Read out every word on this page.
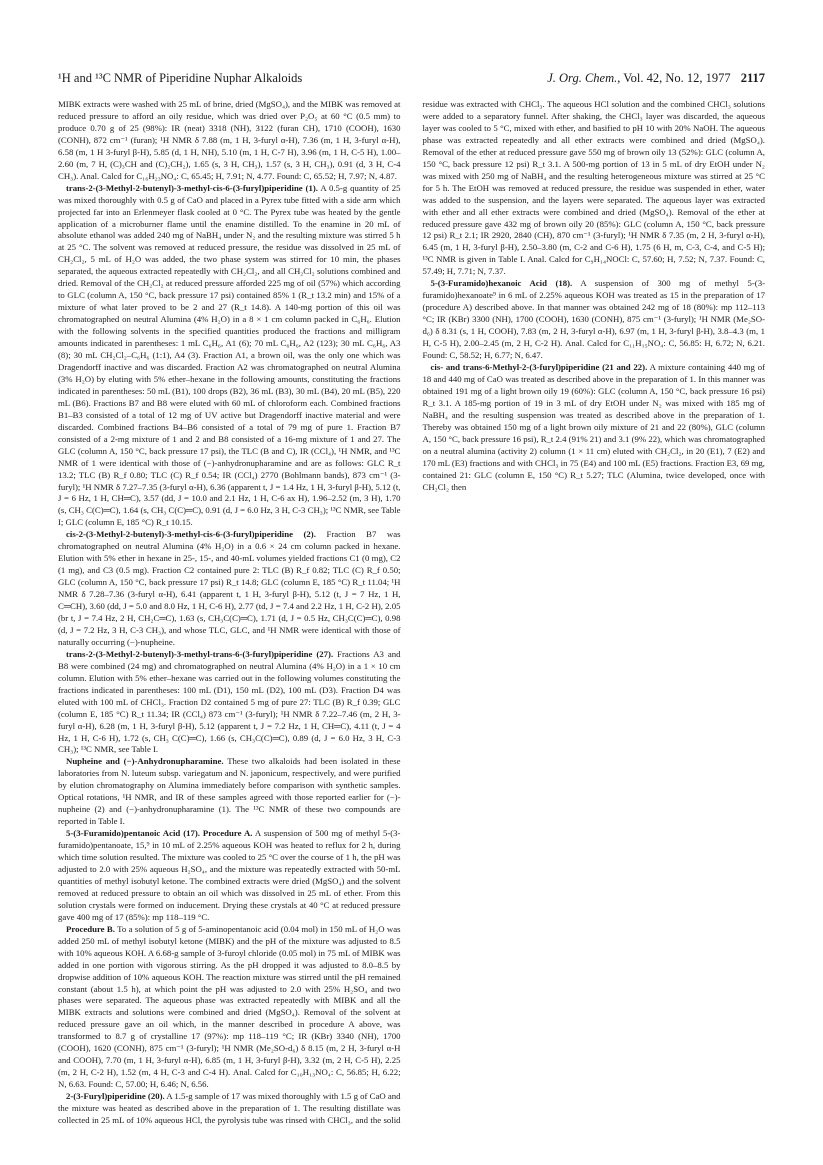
¹H and ¹³C NMR of Piperidine Nuphar Alkaloids	J. Org. Chem., Vol. 42, No. 12, 1977 2117

MIBK extracts were washed with 25 mL of brine, dried (MgSO₄), and the MIBK was removed at reduced pressure to afford an oily residue, which was dried over P₂O₅ at 60 °C (0.5 mm) to produce 0.70 g of 25 (98%): IR (neat) 3318 (NH), 3122 (furan CH), 1710 (COOH), 1630 (CONH), 872 cm⁻¹ (furan); ¹H NMR δ 7.88 (m, 1 H, 3-furyl α-H), 7.36 (m, 1 H, 3-furyl α-H), 6.58 (m, 1 H 3-furyl β-H), 5.85 (d, 1 H, NH), 5.10 (m, 1 H, C-7 H), 3.96 (m, 1 H, C-5 H), 1.00–2.60 (m, 7 H, (C)₃CH and (C)₂CH₂), 1.65 (s, 3 H, CH₃), 1.57 (s, 3 H, CH₃), 0.91 (d, 3 H, C-4 CH₃). Anal. Calcd for C₁₆H₂₃NO₄: C, 65.45; H, 7.91; N, 4.77. Found: C, 65.52; H, 7.97; N, 4.87.

trans-2-(3-Methyl-2-butenyl)-3-methyl-cis-6-(3-furyl)piperidine (1). A 0.5-g quantity of 25 was mixed thoroughly with 0.5 g of CaO and placed in a Pyrex tube fitted with a side arm which projected far into an Erlenmeyer flask cooled at 0 °C. The Pyrex tube was heated by the gentle application of a microburner flame until the enamine distilled. To the enamine in 20 mL of absolute ethanol was added 240 mg of NaBH₄ under N₂ and the resulting mixture was stirred 5 h at 25 °C. The solvent was removed at reduced pressure, the residue was dissolved in 25 mL of CH₂Cl₂, 5 mL of H₂O was added, the two phase system was stirred for 10 min, the phases separated, the aqueous extracted repeatedly with CH₂Cl₂, and all CH₂Cl₂ solutions combined and dried. Removal of the CH₂Cl₂ at reduced pressure afforded 225 mg of oil (57%) which according to GLC (column A, 150 °C, back pressure 17 psi) contained 85% 1 (R_t 13.2 min) and 15% of a mixture of what later proved to be 2 and 27 (R_t 14.8). A 140-mg portion of this oil was chromatographed on neutral Alumina (4% H₂O) in a 8 × 1 cm column packed in C₆H₆. Elution with the following solvents in the specified quantities produced the fractions and milligram amounts indicated in parentheses: 1 mL C₆H₆, A1 (6); 70 mL C₆H₆, A2 (123); 30 mL C₆H₆, A3 (8); 30 mL CH₂Cl₂–C₆H₆ (1:1), A4 (3). Fraction A1, a brown oil, was the only one which was Dragendorff inactive and was discarded. Fraction A2 was chromatographed on neutral Alumina (3% H₂O) by eluting with 5% ether–hexane in the following amounts, constituting the fractions indicated in parentheses: 50 mL (B1), 100 drops (B2), 36 mL (B3), 30 mL (B4), 20 mL (B5), 220 mL (B6). Fractions B7 and B8 were eluted with 60 mL of chloroform each. Combined fractions B1–B3 consisted of a total of 12 mg of UV active but Dragendorff inactive material and were discarded. Combined fractions B4–B6 consisted of a total of 79 mg of pure 1. Fraction B7 consisted of a 2-mg mixture of 1 and 2 and B8 consisted of a 16-mg mixture of 1 and 27. The GLC (column A, 150 °C, back pressure 17 psi), the TLC (B and C), IR (CCl₄), ¹H NMR, and ¹³C NMR of 1 were identical with those of (−)-anhydronupharamine and are as follows: GLC R_t 13.2; TLC (B) R_f 0.80; TLC (C) R_f 0.54; IR (CCl₄) 2770 (Bohlmann bands), 873 cm⁻¹ (3-furyl); ¹H NMR δ 7.27–7.35 (3-furyl α-H), 6.36 (apparent t, J = 1.4 Hz, 1 H, 3-furyl β-H), 5.12 (t, J = 6 Hz, 1 H, CH═C), 3.57 (dd, J = 10.0 and 2.1 Hz, 1 H, C-6 ax H), 1.96–2.52 (m, 3 H), 1.70 (s, CH₃ C(C)═C), 1.64 (s, CH₃ C(C)═C), 0.91 (d, J = 6.0 Hz, 3 H, C-3 CH₃); ¹³C NMR, see Table I; GLC (column E, 185 °C) R_t 10.15.

cis-2-(3-Methyl-2-butenyl)-3-methyl-cis-6-(3-furyl)piperidine (2). Fraction B7 was chromatographed on neutral Alumina (4% H₂O) in a 0.6 × 24 cm column packed in hexane. Elution with 5% ether in hexane in 25-, 15-, and 40-mL volumes yielded fractions C1 (0 mg), C2 (1 mg), and C3 (0.5 mg). Fraction C2 contained pure 2: TLC (B) R_f 0.82; TLC (C) R_f 0.50; GLC (column A, 150 °C, back pressure 17 psi) R_t 14.8; GLC (column E, 185 °C) R_t 11.04; ¹H NMR δ 7.28–7.36 (3-furyl α-H), 6.41 (apparent t, 1 H, 3-furyl β-H), 5.12 (t, J = 7 Hz, 1 H, C═CH), 3.60 (dd, J = 5.0 and 8.0 Hz, 1 H, C-6 H), 2.77 (td, J = 7.4 and 2.2 Hz, 1 H, C-2 H), 2.05 (br t, J = 7.4 Hz, 2 H, CH₂C═C), 1.63 (s, CH₃C(C)═C), 1.71 (d, J = 0.5 Hz, CH₃C(C)═C), 0.98 (d, J = 7.2 Hz, 3 H, C-3 CH₃), and whose TLC, GLC, and ¹H NMR were identical with those of naturally occurring (−)-nupheine.

trans-2-(3-Methyl-2-butenyl)-3-methyl-trans-6-(3-furyl)piperidine (27). Fractions A3 and B8 were combined (24 mg) and chromatographed on neutral Alumina (4% H₂O) in a 1 × 10 cm column. Elution with 5% ether–hexane was carried out in the following volumes constituting the fractions indicated in parentheses: 100 mL (D1), 150 mL (D2), 100 mL (D3). Fraction D4 was eluted with 100 mL of CHCl₃. Fraction D2 contained 5 mg of pure 27: TLC (B) R_f 0.39; GLC (column E, 185 °C) R_t 11.34; IR (CCl₄) 873 cm⁻¹ (3-furyl); ¹H NMR δ 7.22–7.46 (m, 2 H, 3-furyl α-H), 6.28 (m, 1 H, 3-furyl β-H), 5.12 (apparent t, J = 7.2 Hz, 1 H, CH═C), 4.11 (t, J = 4 Hz, 1 H, C-6 H), 1.72 (s, CH₃ C(C)═C), 1.66 (s, CH₃C(C)═C), 0.89 (d, J = 6.0 Hz, 3 H, C-3 CH₃); ¹³C NMR, see Table I.

Nupheine and (−)-Anhydronupharamine. These two alkaloids had been isolated in these laboratories from N. luteum subsp. variegatum and N. japonicum, respectively, and were purified by elution chromatography on Alumina immediately before comparison with synthetic samples. Optical rotations, ¹H NMR, and IR of these samples agreed with those reported earlier for (−)-nupheine (2) and (−)-anhydronupharamine (1). The ¹³C NMR of these two compounds are reported in Table I.

5-(3-Furamido)pentanoic Acid (17). Procedure A. A suspension of 500 mg of methyl 5-(3-furamido)pentanoate, 15,⁹ in 10 mL of 2.25% aqueous KOH was heated to reflux for 2 h, during which time solution resulted. The mixture was cooled to 25 °C over the course of 1 h, the pH was adjusted to 2.0 with 25% aqueous H₂SO₄, and the mixture was repeatedly extracted with 50-mL quantities of methyl isobutyl ketone. The combined extracts were dried (MgSO₄) and the solvent removed at reduced pressure to obtain an oil which was dissolved in 25 mL of ether. From this solution crystals were formed on inducement. Drying these crystals at 40 °C at reduced pressure gave 400 mg of 17 (85%): mp 118–119 °C.

Procedure B. To a solution of 5 g of 5-aminopentanoic acid (0.04 mol) in 150 mL of H₂O was added 250 mL of methyl isobutyl ketone (MIBK) and the pH of the mixture was adjusted to 8.5 with 10% aqueous KOH. A 6.68-g sample of 3-furoyl chloride (0.05 mol) in 75 mL of MIBK was added in one portion with vigorous stirring. As the pH dropped it was adjusted to 8.0–8.5 by dropwise addition of 10% aqueous KOH. The reaction mixture was stirred until the pH remained constant (about 1.5 h), at which point the pH was adjusted to 2.0 with 25% H₂SO₄ and two phases were separated. The aqueous phase was extracted repeatedly with MIBK and all the MIBK extracts and solutions were combined and dried (MgSO₄). Removal of the solvent at reduced pressure gave an oil which, in the manner described in procedure A above, was transformed to 8.7 g of crystalline 17 (97%): mp 118–119 °C; IR (KBr) 3340 (NH), 1700 (COOH), 1620 (CONH), 875 cm⁻¹ (3-furyl); ¹H NMR (Me₂SO-d₆) δ 8.15 (m, 2 H, 3-furyl α-H and COOH), 7.70 (m, 1 H, 3-furyl α-H), 6.85 (m, 1 H, 3-furyl β-H), 3.32 (m, 2 H, C-5 H), 2.25 (m, 2 H, C-2 H), 1.52 (m, 4 H, C-3 and C-4 H). Anal. Calcd for C₁₀H₁₃NO₄: C, 56.85; H, 6.22; N, 6.63. Found: C, 57.00; H, 6.46; N, 6.56.

2-(3-Furyl)piperidine (20). A 1.5-g sample of 17 was mixed thoroughly with 1.5 g of CaO and the mixture was heated as described above in the preparation of 1. The resulting distillate was collected in 25 mL of 10% aqueous HCl, the pyrolysis tube was rinsed with CHCl₃, and the solid residue was extracted with CHCl₃. The aqueous HCl solution and the combined CHCl₃ solutions were added to a separatory funnel. After shaking, the CHCl₃ layer was discarded, the aqueous layer was cooled to 5 °C, mixed with ether, and basified to pH 10 with 20% NaOH. The aqueous phase was extracted repeatedly and all ether extracts were combined and dried (MgSO₄). Removal of the ether at reduced pressure gave 550 mg of brown oily 13 (52%): GLC (column A, 150 °C, back pressure 12 psi) R_t 3.1. A 500-mg portion of 13 in 5 mL of dry EtOH under N₂ was mixed with 250 mg of NaBH₄ and the resulting heterogeneous mixture was stirred at 25 °C for 5 h. The EtOH was removed at reduced pressure, the residue was suspended in ether, water was added to the suspension, and the layers were separated. The aqueous layer was extracted with ether and all ether extracts were combined and dried (MgSO₄). Removal of the ether at reduced pressure gave 432 mg of brown oily 20 (85%): GLC (column A, 150 °C, back pressure 12 psi) R_t 2.1; IR 2920, 2840 (CH), 870 cm⁻¹ (3-furyl); ¹H NMR δ 7.35 (m, 2 H, 3-furyl α-H), 6.45 (m, 1 H, 3-furyl β-H), 2.50–3.80 (m, C-2 and C-6 H), 1.75 (6 H, m, C-3, C-4, and C-5 H); ¹³C NMR is given in Table I. Anal. Calcd for C₉H₁₄NOCl: C, 57.60; H, 7.52; N, 7.37. Found: C, 57.49; H, 7.71; N, 7.37.

5-(3-Furamido)hexanoic Acid (18). A suspension of 300 mg of methyl 5-(3-furamido)hexanoate⁹ in 6 mL of 2.25% aqueous KOH was treated as 15 in the preparation of 17 (procedure A) described above. In that manner was obtained 242 mg of 18 (80%): mp 112–113 °C; IR (KBr) 3300 (NH), 1700 (COOH), 1630 (CONH), 875 cm⁻¹ (3-furyl); ¹H NMR (Me₂SO-d₆) δ 8.31 (s, 1 H, COOH), 7.83 (m, 2 H, 3-furyl α-H), 6.97 (m, 1 H, 3-furyl β-H), 3.8–4.3 (m, 1 H, C-5 H), 2.00–2.45 (m, 2 H, C-2 H). Anal. Calcd for C₁₁H₁₅NO₄: C, 56.85: H, 6.72; N, 6.21. Found: C, 58.52; H, 6.77; N, 6.47.

cis- and trans-6-Methyl-2-(3-furyl)piperidine (21 and 22). A mixture containing 440 mg of 18 and 440 mg of CaO was treated as described above in the preparation of 1. In this manner was obtained 191 mg of a light brown oily 19 (60%): GLC (column A, 150 °C, back pressure 16 psi) R_t 3.1. A 185-mg portion of 19 in 3 mL of dry EtOH under N₂ was mixed with 185 mg of NaBH₄ and the resulting suspension was treated as described above in the preparation of 1. Thereby was obtained 150 mg of a light brown oily mixture of 21 and 22 (80%), GLC (column A, 150 °C, back pressure 16 psi), R_t 2.4 (91% 21) and 3.1 (9% 22), which was chromatographed on a neutral alumina (activity 2) column (1 × 11 cm) eluted with CH₂Cl₂, in 20 (E1), 7 (E2) and 170 mL (E3) fractions and with CHCl₃ in 75 (E4) and 100 mL (E5) fractions. Fraction E3, 69 mg, contained 21: GLC (column E, 150 °C) R_t 5.27; TLC (Alumina, twice developed, once with CH₂Cl₂ then
